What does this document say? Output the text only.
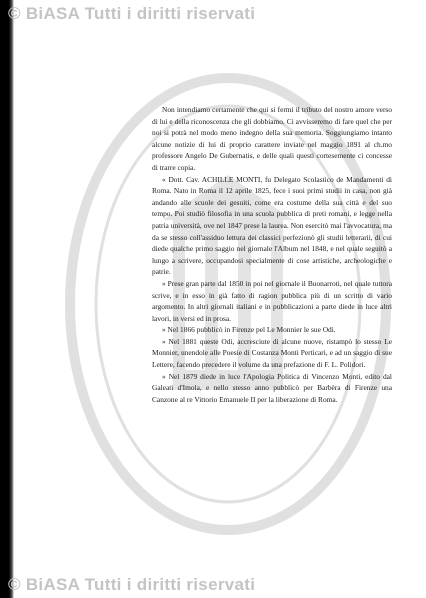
© BiASA Tutti i diritti riservati

Non intendiamo certamente che qui si fermi il tributo del nostro amore verso di lui e della riconoscenza che gli dobbiamo. Ci avvisseremo di fare quel che per noi si potrà nel modo meno indegno della sua memoria. Soggiungiamo intanto alcune notizie di lui di proprio carattere inviate nel maggio 1891 al ch.mo professore Angelo De Gubernatis, e delle quali questi cortesemente ci concesse di trarre copia.

« Dott. Cav. ACHILLE MONTI, fu Delegato Scolastico de Mandamenti di Roma. Nato in Roma il 12 aprile 1825, fece i suoi primi studii in casa, non già andando alle scuole dei gesuiti, come era costume della sua città e del suo tempo. Poi studiò filosofia in una scuola pubblica di preti romani, e legge nella patria università, ove nel 1847 prese la laurea. Non esercitò mai l'avvocatura, ma da se stesso coll'assiduo lettura dei classici perfezionò gli studii letterarii, di cui diede qualche primo saggio nel giornale l'Album nel 1848, e nel quale seguitò a lungo a scrivere, occupandosi specialmente di cose artistiche, archeologiche e patrie.

» Prese gran parte dal 1850 in poi nel giornale il Buonarroti, nel quale tuttora scrive, e in esso in già fatto di ragion pubblica più di un scritto di vario argomento. In altri giornali italiani e in pubblicazioni a parte diede in luce altri lavori, in versi ed in prosa.

» Nel 1866 pubblicò in Firenze pel Le Monnier le sue Odi.

» Nel 1881 queste Odi, accresciute di alcune nuove, ristampò lo stesso Le Monnier, unendole alle Poesie di Costanza Monti Perticari, e ad un saggio di sue Lettere, facendo precedere il volume da una prefazione di F. L. Polidori.

» Nel 1879 diede in luce l'Apologia Politica di Vincenzo Monti, edito dal Galeati d'Imola, e nello stesso anno pubblicò per Barbèra di Firenze una Canzone al re Vittorio Emanuele II per la liberazione di Roma.

© BiASA Tutti i diritti riservati
